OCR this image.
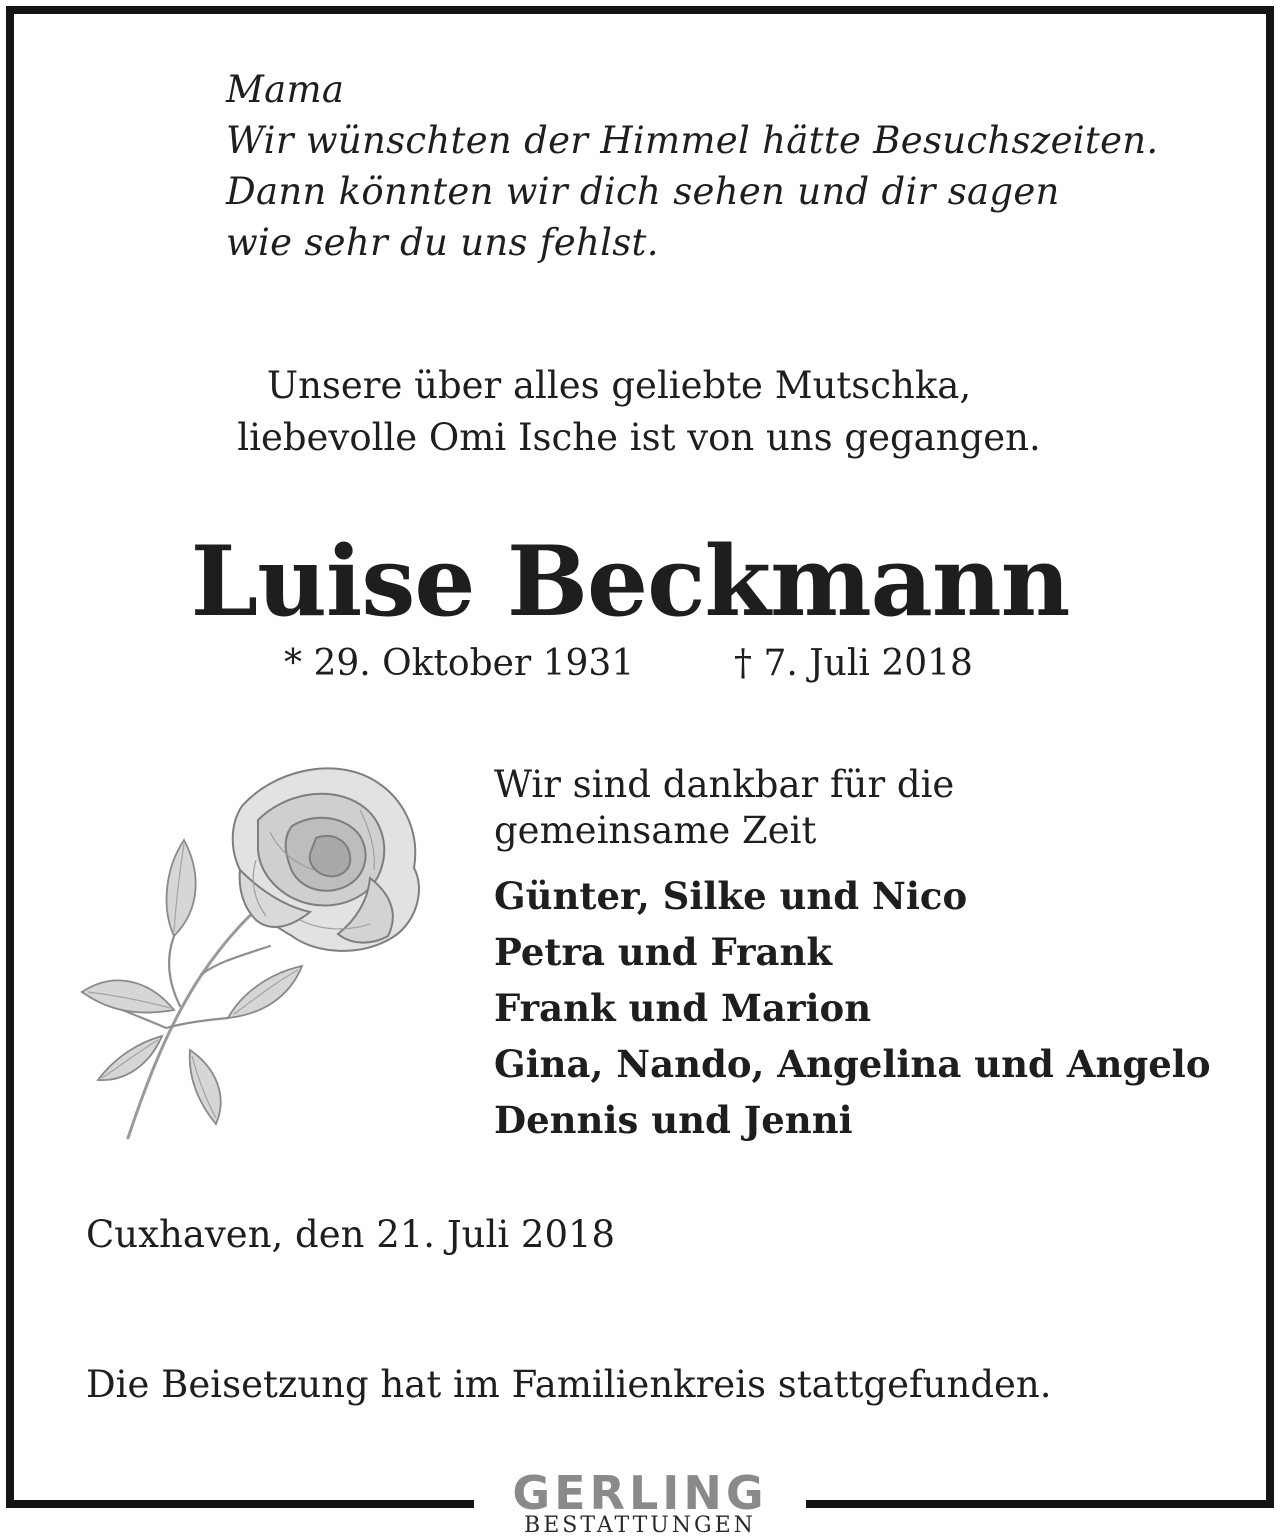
Mama
Wir wünschten der Himmel hätte Besuchszeiten.
Dann könnten wir dich sehen und dir sagen
wie sehr du uns fehlst.
Unsere über alles geliebte Mutschka,
liebevolle Omi Ische ist von uns gegangen.
Luise Beckmann
* 29. Oktober 1931	† 7. Juli 2018
Wir sind dankbar für die
gemeinsame Zeit
Günter, Silke und Nico
Petra und Frank
Frank und Marion
Gina, Nando, Angelina und Angelo
Dennis und Jenni
Cuxhaven, den 21. Juli 2018
Die Beisetzung hat im Familienkreis stattgefunden.
GERLING
BESTATTUNGEN
